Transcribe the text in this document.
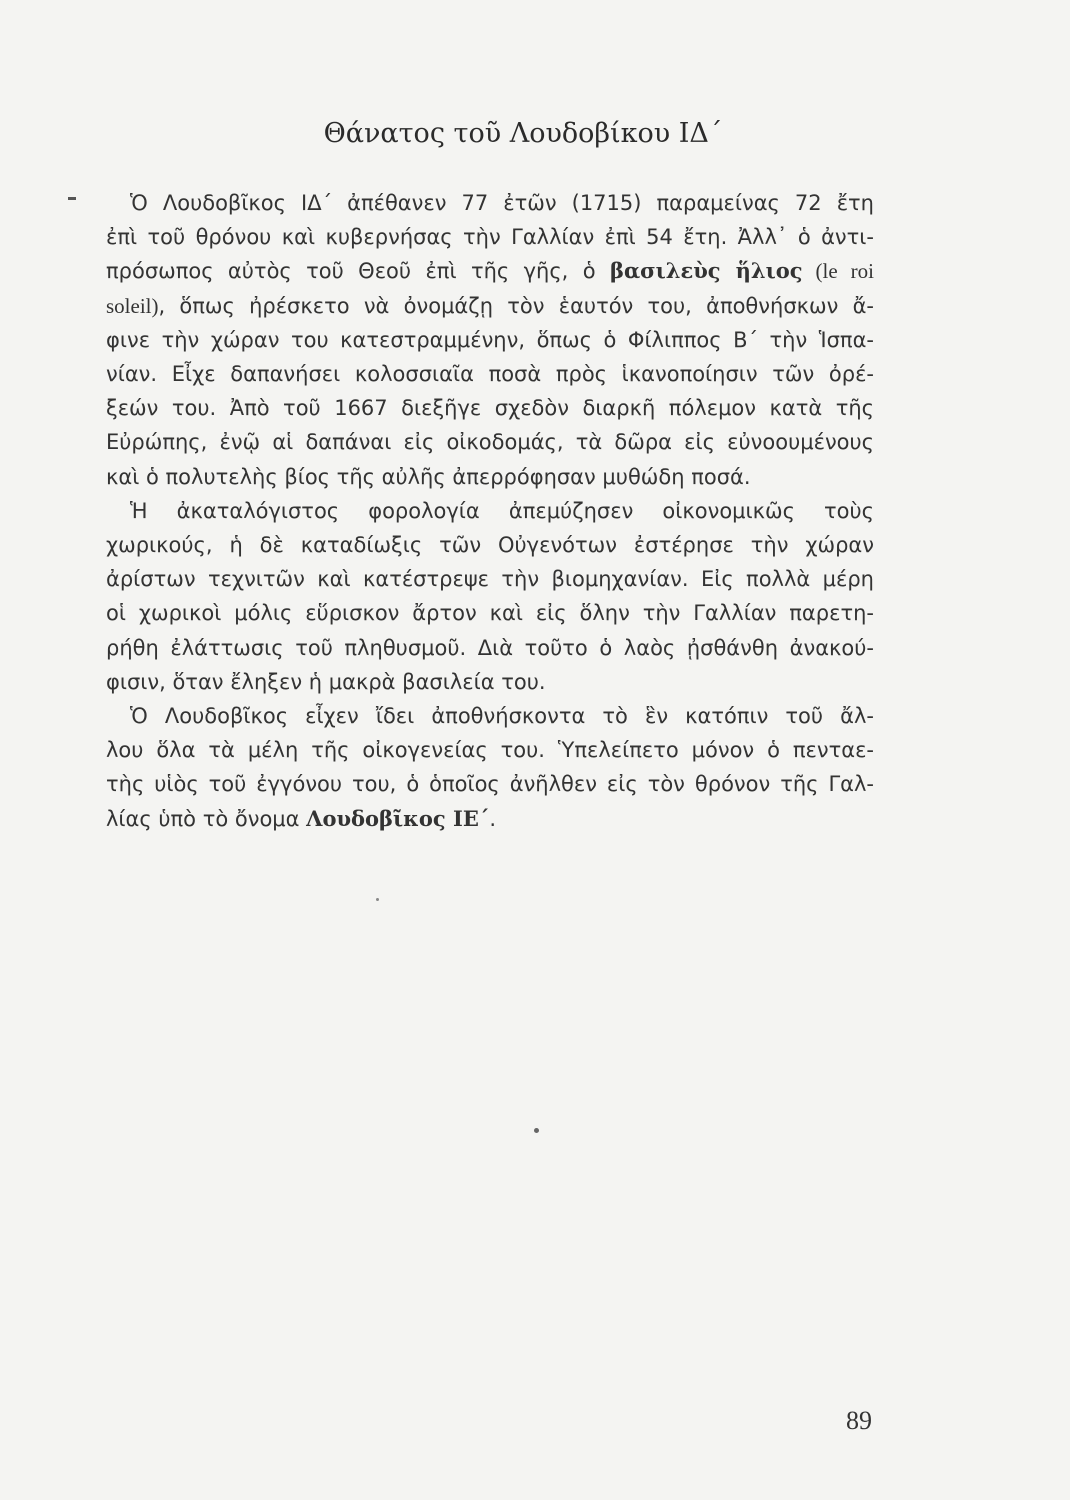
Θάνατος τοῦ Λουδοβίκου ΙΔ΄
Ὁ Λουδοβῖκος ΙΔ΄ ἀπέθανεν 77 ἐτῶν (1715) παραμείνας 72 ἔτη
ἐπὶ τοῦ θρόνου καὶ κυβερνήσας τὴν Γαλλίαν ἐπὶ 54 ἔτη. Ἀλλ᾽ ὁ ἀντι-
πρόσωπος αὐτὸς τοῦ Θεοῦ ἐπὶ τῆς γῆς, ὁ βασιλεὺς ἥλιος (le roi
soleil), ὅπως ἠρέσκετο νὰ ὀνομάζῃ τὸν ἑαυτόν του, ἀποθνήσκων ἄ-
φινε τὴν χώραν του κατεστραμμένην, ὅπως ὁ Φίλιππος Β΄ τὴν Ἱσπα-
νίαν. Εἶχε δαπανήσει κολοσσιαῖα ποσὰ πρὸς ἱκανοποίησιν τῶν ὀρέ-
ξεών του. Ἀπὸ τοῦ 1667 διεξῆγε σχεδὸν διαρκῆ πόλεμον κατὰ τῆς
Εὐρώπης, ἐνῷ αἱ δαπάναι εἰς οἰκοδομάς, τὰ δῶρα εἰς εὐνοουμένους
καὶ ὁ πολυτελὴς βίος τῆς αὐλῆς ἀπερρόφησαν μυθώδη ποσά.
Ἡ ἀκαταλόγιστος φορολογία ἀπεμύζησεν οἰκονομικῶς τοὺς
χωρικούς, ἡ δὲ καταδίωξις τῶν Οὐγενότων ἐστέρησε τὴν χώραν
ἀρίστων τεχνιτῶν καὶ κατέστρεψε τὴν βιομηχανίαν. Εἰς πολλὰ μέρη
οἱ χωρικοὶ μόλις εὕρισκον ἄρτον καὶ εἰς ὅλην τὴν Γαλλίαν παρετη-
ρήθη ἐλάττωσις τοῦ πληθυσμοῦ. Διὰ τοῦτο ὁ λαὸς ᾐσθάνθη ἀνακού-
φισιν, ὅταν ἔληξεν ἡ μακρὰ βασιλεία του.
Ὁ Λουδοβῖκος εἶχεν ἴδει ἀποθνήσκοντα τὸ ἓν κατόπιν τοῦ ἄλ-
λου ὅλα τὰ μέλη τῆς οἰκογενείας του. Ὑπελείπετο μόνον ὁ πενταε-
τὴς υἱὸς τοῦ ἐγγόνου του, ὁ ὁποῖος ἀνῆλθεν εἰς τὸν θρόνον τῆς Γαλ-
λίας ὑπὸ τὸ ὄνομα Λουδοβῖκος ΙΕ΄.
89
